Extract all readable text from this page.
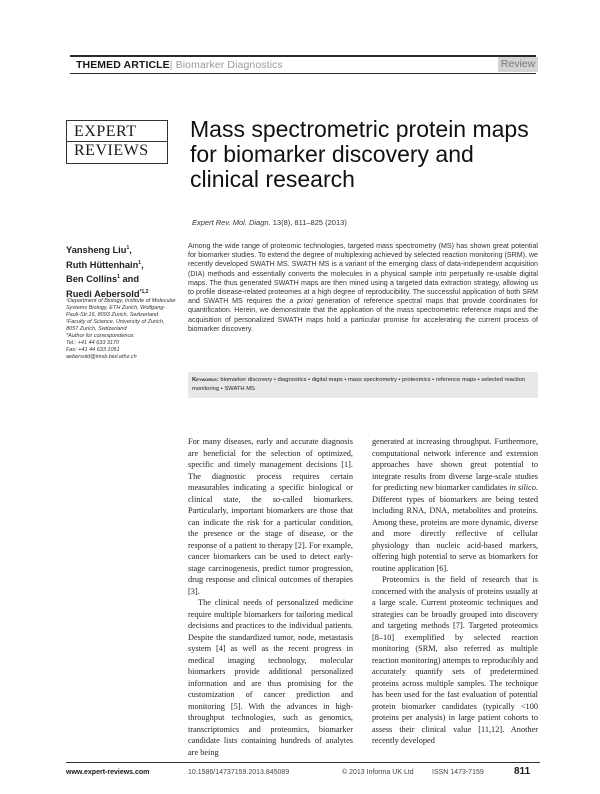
THEMED ARTICLE| Biomarker Diagnostics	Review
EXPERT
REVIEWS
Mass spectrometric protein maps for biomarker discovery and clinical research
Expert Rev. Mol. Diagn. 13(8), 811–825 (2013)
Yansheng Liu$^1$,
Ruth Hüttenhain$^1$,
Ben Collins$^1$ and
Ruedi Aebersold$^{*1,2}$
¹Department of Biology, Institute of Molecular Systems Biology, ETH Zurich, Wolfgang-Pauli-Str.16, 8093 Zurich, Switzerland
²Faculty of Science, University of Zurich, 8057 Zurich, Switzerland
*Author for correspondence:
Tel.: +41 44 633 3170
Fax: +41 44 633 1051
aebersold@imsb.biol.ethz.ch
Among the wide range of proteomic technologies, targeted mass spectrometry (MS) has shown great potential for biomarker studies. To extend the degree of multiplexing achieved by selected reaction monitoring (SRM), we recently developed SWATH MS. SWATH MS is a variant of the emerging class of data-independent acquisition (DIA) methods and essentially converts the molecules in a physical sample into perpetually re-usable digital maps. The thus generated SWATH maps are then mined using a targeted data extraction strategy, allowing us to profile disease-related proteomes at a high degree of reproducibility. The successful application of both SRM and SWATH MS requires the a priori generation of reference spectral maps that provide coordinates for quantification. Herein, we demonstrate that the application of the mass spectrometric reference maps and the acquisition of personalized SWATH maps hold a particular promise for accelerating the current process of biomarker discovery.
Keywords: biomarker discovery • diagnostics • digital maps • mass spectrometry • proteomics • reference maps • selected reaction monitoring • SWATH MS

For many diseases, early and accurate diagnosis are beneficial for the selection of optimized, specific and timely management decisions [1]. The diagnostic process requires certain measurables indicating a specific biological or clinical state, the so-called biomarkers. Particularly, important biomarkers are those that can indicate the risk for a particular condition, the presence or the stage of disease, or the response of a patient to therapy [2]. For example, cancer biomarkers can be used to detect early-stage carcinogenesis, predict tumor progression, drug response and clinical outcomes of therapies [3].

The clinical needs of personalized medicine require multiple biomarkers for tailoring medical decisions and practices to the individual patients. Despite the standardized tumor, node, metastasis system [4] as well as the recent progress in medical imaging technology, molecular biomarkers provide additional personalized information and are thus promising for the customization of cancer prediction and monitoring [5]. With the advances in high-throughput technologies, such as genomics, transcriptomics and proteomics, biomarker candidate lists containing hundreds of analytes are being

generated at increasing throughput. Furthermore, computational network inference and extension approaches have shown great potential to integrate results from diverse large-scale studies for predicting new biomarker candidates in silico. Different types of biomarkers are being tested including RNA, DNA, metabolites and proteins. Among these, proteins are more dynamic, diverse and more directly reflective of cellular physiology than nucleic acid-based markers, offering high potential to serve as biomarkers for routine application [6].

Proteomics is the field of research that is concerned with the analysis of proteins usually at a large scale. Current proteomic techniques and strategies can be broadly grouped into discovery and targeting methods [7]. Targeted proteomics [8–10] exemplified by selected reaction monitoring (SRM, also referred as multiple reaction monitoring) attempts to reproducibly and accurately quantify sets of predetermined proteins across multiple samples. The technique has been used for the fast evaluation of potential protein biomarker candidates (typically <100 proteins per analysis) in large patient cohorts to assess their clinical value [11,12]. Another recently developed

www.expert-reviews.com	10.1586/14737159.2013.845089	© 2013 Informa UK Ltd	ISSN 1473-7159	811
